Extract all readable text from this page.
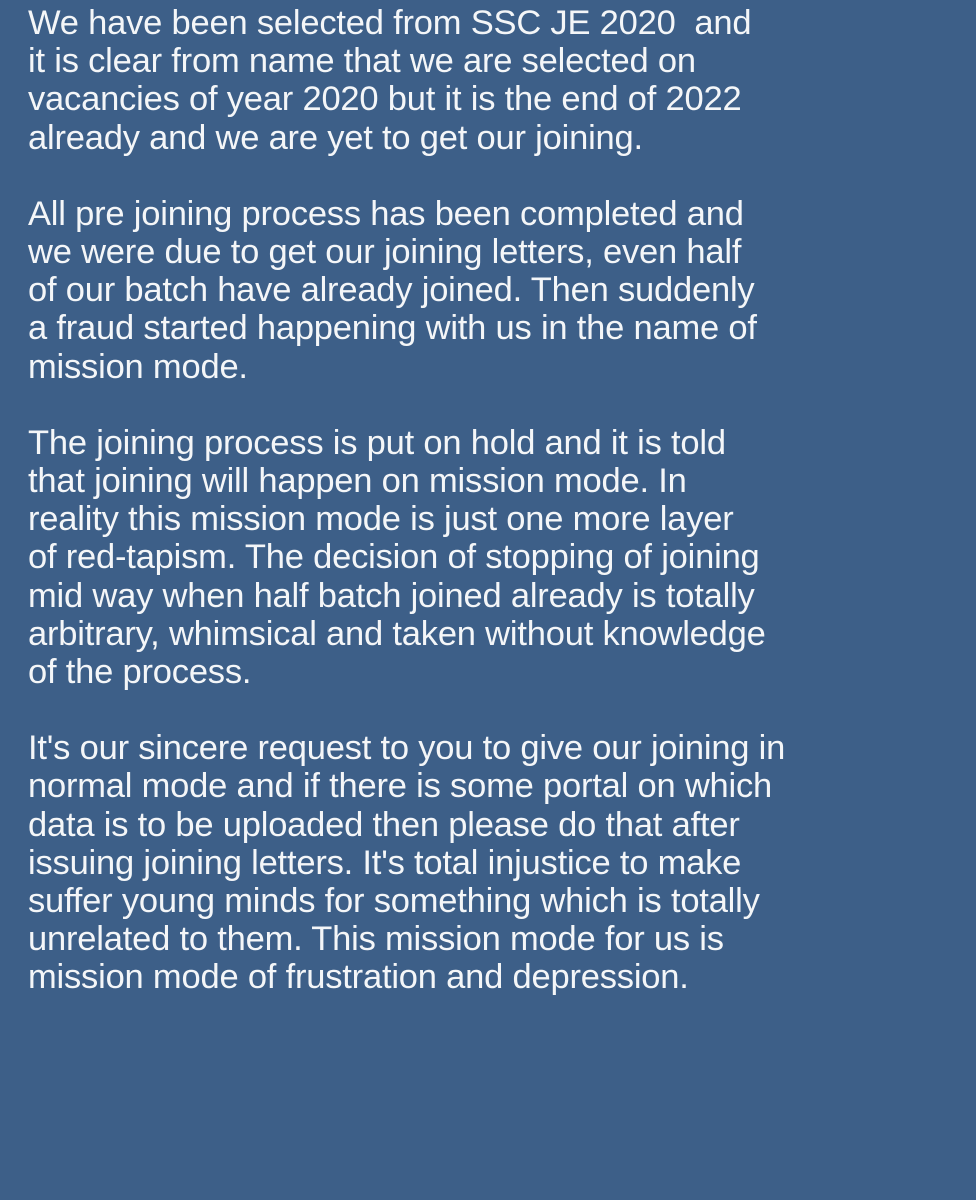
We have been selected from SSC JE 2020  and
it is clear from name that we are selected on
vacancies of year 2020 but it is the end of 2022
already and we are yet to get our joining.

All pre joining process has been completed and
we were due to get our joining letters, even half
of our batch have already joined. Then suddenly
a fraud started happening with us in the name of
mission mode.

The joining process is put on hold and it is told
that joining will happen on mission mode. In
reality this mission mode is just one more layer
of red-tapism. The decision of stopping of joining
mid way when half batch joined already is totally
arbitrary, whimsical and taken without knowledge
of the process.

It's our sincere request to you to give our joining in
normal mode and if there is some portal on which
data is to be uploaded then please do that after
issuing joining letters. It's total injustice to make
suffer young minds for something which is totally
unrelated to them. This mission mode for us is
mission mode of frustration and depression.
